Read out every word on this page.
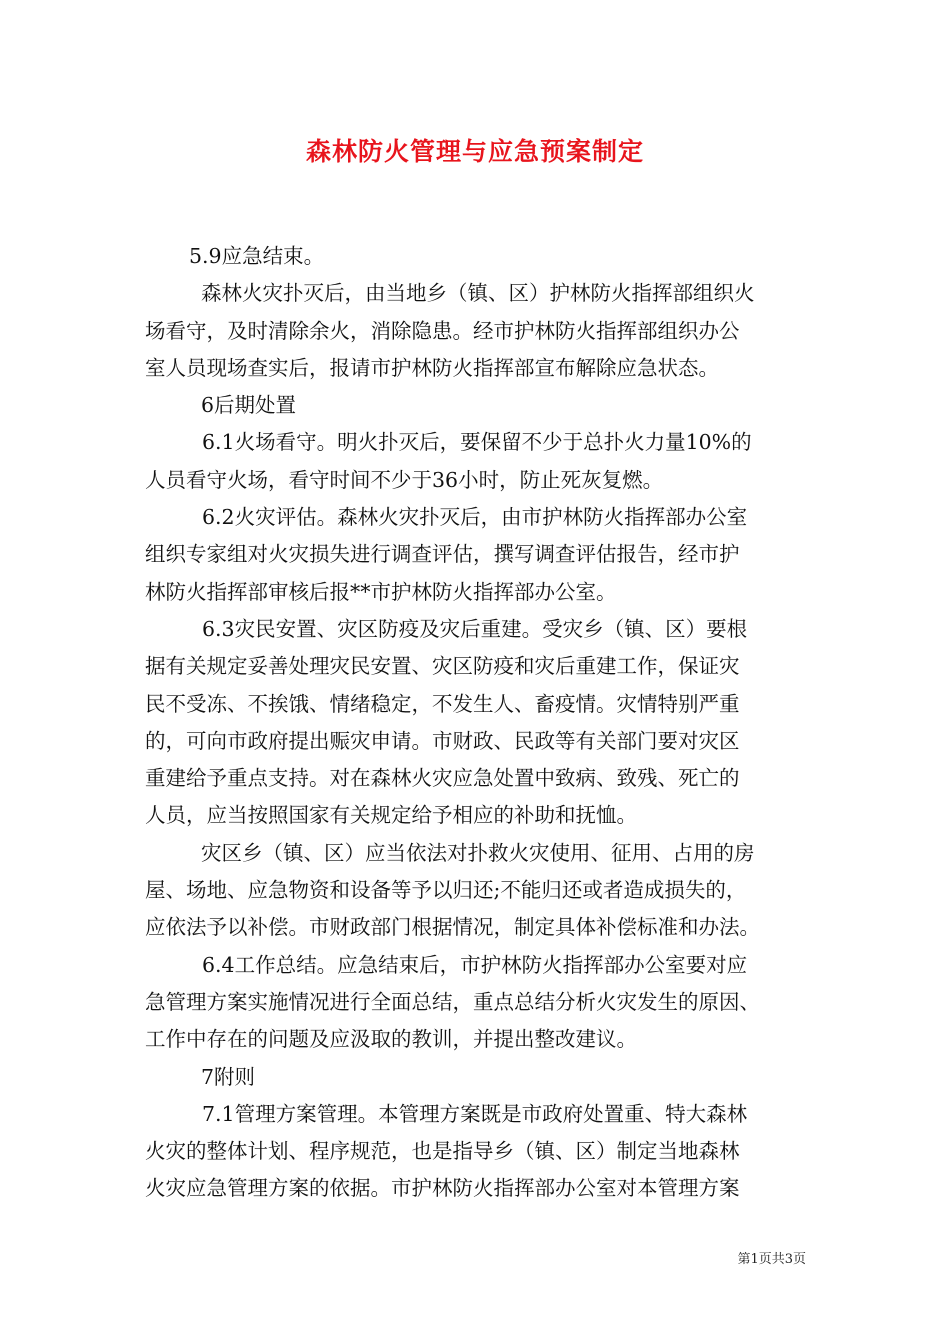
森林防火管理与应急预案制定
5.9应急结束。
森林火灾扑灭后，由当地乡（镇、区）护林防火指挥部组织火
场看守，及时清除余火，消除隐患。经市护林防火指挥部组织办公
室人员现场查实后，报请市护林防火指挥部宣布解除应急状态。
6后期处置
6.1火场看守。明火扑灭后，要保留不少于总扑火力量10%的
人员看守火场，看守时间不少于36小时，防止死灰复燃。
6.2火灾评估。森林火灾扑灭后，由市护林防火指挥部办公室
组织专家组对火灾损失进行调查评估，撰写调查评估报告，经市护
林防火指挥部审核后报**市护林防火指挥部办公室。
6.3灾民安置、灾区防疫及灾后重建。受灾乡（镇、区）要根
据有关规定妥善处理灾民安置、灾区防疫和灾后重建工作，保证灾
民不受冻、不挨饿、情绪稳定，不发生人、畜疫情。灾情特别严重
的，可向市政府提出赈灾申请。市财政、民政等有关部门要对灾区
重建给予重点支持。对在森林火灾应急处置中致病、致残、死亡的
人员，应当按照国家有关规定给予相应的补助和抚恤。
灾区乡（镇、区）应当依法对扑救火灾使用、征用、占用的房
屋、场地、应急物资和设备等予以归还;不能归还或者造成损失的，
应依法予以补偿。市财政部门根据情况，制定具体补偿标准和办法。
6.4工作总结。应急结束后，市护林防火指挥部办公室要对应
急管理方案实施情况进行全面总结，重点总结分析火灾发生的原因、
工作中存在的问题及应汲取的教训，并提出整改建议。
7附则
7.1管理方案管理。本管理方案既是市政府处置重、特大森林
火灾的整体计划、程序规范，也是指导乡（镇、区）制定当地森林
火灾应急管理方案的依据。市护林防火指挥部办公室对本管理方案
第1页共3页
